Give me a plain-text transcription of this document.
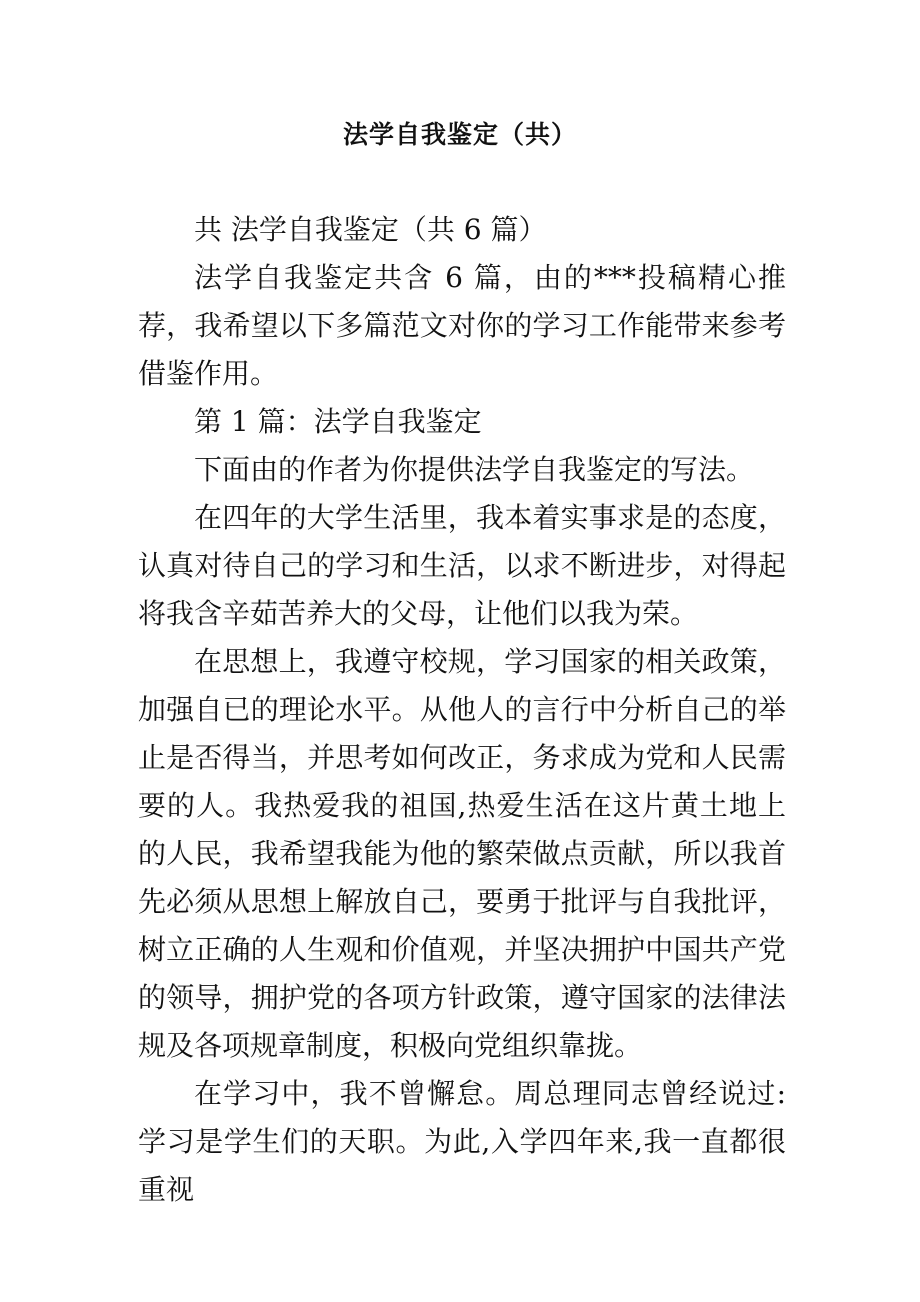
法学自我鉴定（共）

共 法学自我鉴定（共 6 篇）

法学自我鉴定共含 6 篇，由的***投稿精心推荐，我希望以下多篇范文对你的学习工作能带来参考借鉴作用。

第 1 篇：法学自我鉴定

下面由的作者为你提供法学自我鉴定的写法。

在四年的大学生活里，我本着实事求是的态度，认真对待自己的学习和生活，以求不断进步，对得起将我含辛茹苦养大的父母，让他们以我为荣。

在思想上，我遵守校规，学习国家的相关政策，加强自已的理论水平。从他人的言行中分析自己的举止是否得当，并思考如何改正，务求成为党和人民需要的人。我热爱我的祖国,热爱生活在这片黄土地上的人民，我希望我能为他的繁荣做点贡献，所以我首先必须从思想上解放自己，要勇于批评与自我批评，树立正确的人生观和价值观，并坚决拥护中国共产党的领导，拥护党的各项方针政策，遵守国家的法律法规及各项规章制度，积极向党组织靠拢。

在学习中，我不曾懈怠。周总理同志曾经说过:学习是学生们的天职。为此,入学四年来,我一直都很重视
